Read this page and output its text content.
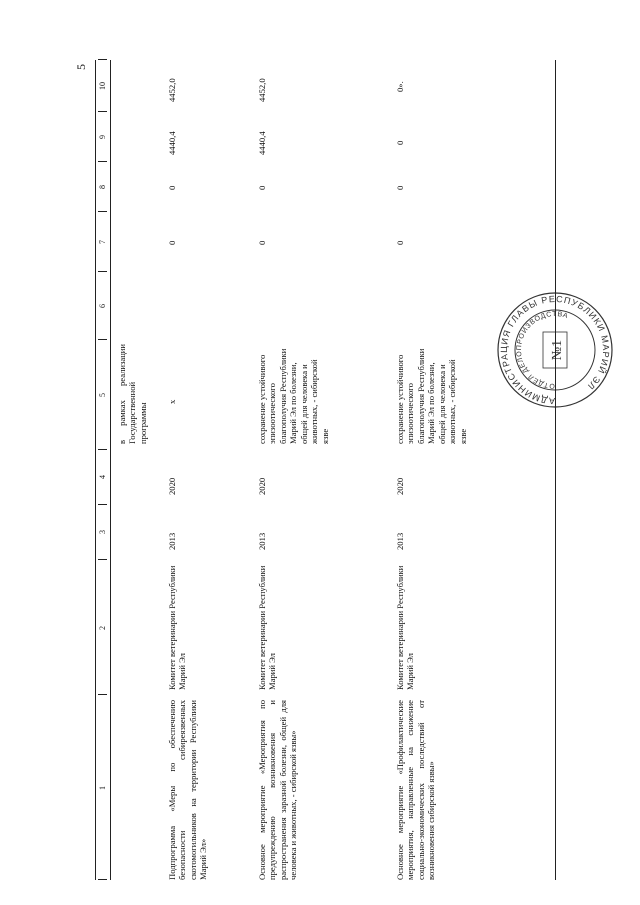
5
1
2
3
4
5
6
7
8
9
10
в рамках реализации Государственной программы
Подпрограмма «Меры по обеспечению безопасности сибиреязвенных скотомогильников на территории Республики Марий Эл»
Комитет ветеринарии Республики Марий Эл
2013
2020
x
0
0
4440,4
4452,0
Основное мероприятие «Мероприятия по предупреждению возникновения и распространения заразной болезни, общей для человека и животных, - сибирской язвы»
Комитет ветеринарии Республики Марий Эл
2013
2020
сохранение устойчивого эпизоотического благополучия Республики Марий Эл по болезни, общей для человека и животных, - сибирской язве
0
0
4440,4
4452,0
Основное мероприятие «Профилактические мероприятия, направленные на снижение социально-экономических последствий от возникновения сибирской язвы»
Комитет ветеринарии Республики Марий Эл
2013
2020
сохранение устойчивого эпизоотического благополучия Республики Марий Эл по болезни, общей для человека и животных, - сибирской язве
0
0
0
0».
АДМИНИСТРАЦИЯ ГЛАВЫ РЕСПУБЛИКИ МАРИЙ ЭЛ
ОТДЕЛ ДЕЛОПРОИЗВОДСТВА
№1
